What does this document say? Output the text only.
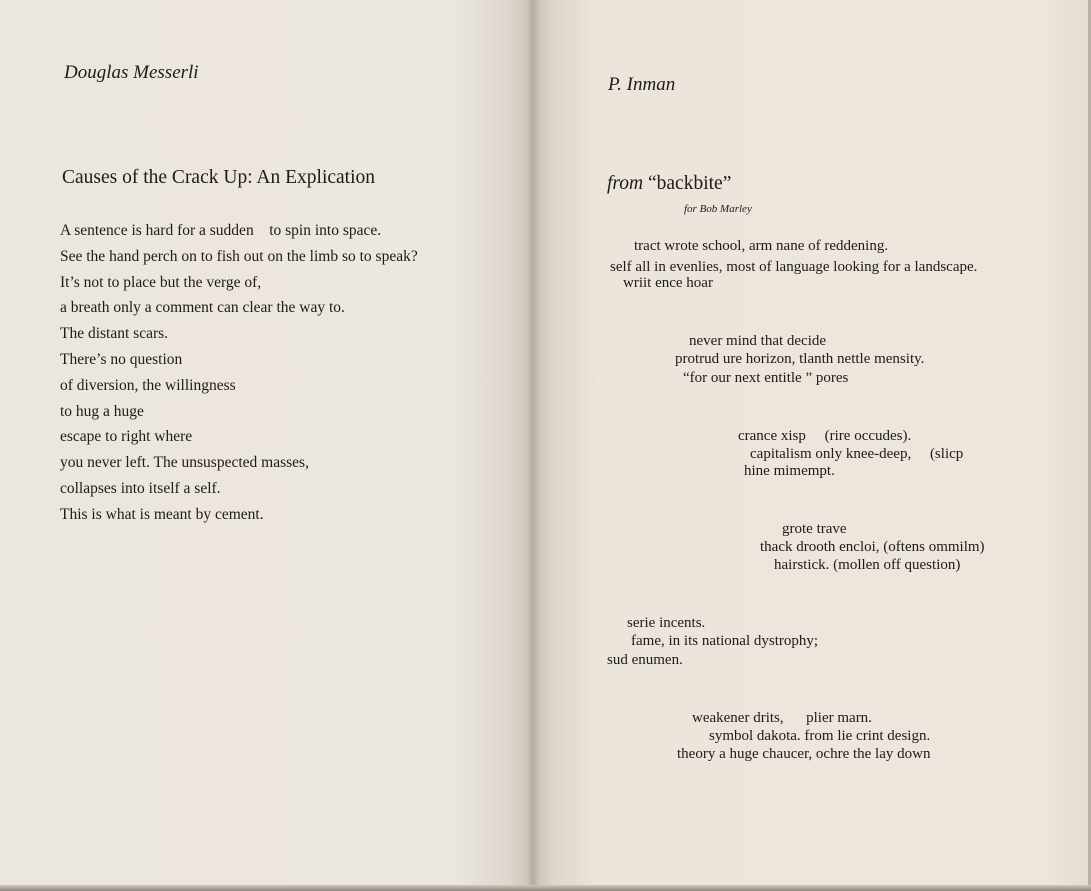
Douglas Messerli

Causes of the Crack Up: An Explication
A sentence is hard for a sudden    to spin into space.
See the hand perch on to fish out on the limb so to speak?
It’s not to place but the verge of,
a breath only a comment can clear the way to.
The distant scars.
There’s no question
of diversion, the willingness
to hug a huge
escape to right where
you never left. The unsuspected masses,
collapses into itself a self.
This is what is meant by cement.

P. Inman

from “backbite”
for Bob Marley
tract wrote school, arm nane of reddening.
self all in evenlies, most of language looking for a landscape.
wriit ence hoar
never mind that decide
protrud ure horizon, tlanth nettle mensity.
“for our next entitle ” pores
crance xisp     (rire occudes).
capitalism only knee-deep,     (slicp
hine mimempt.
grote trave
thack drooth encloi, (oftens ommilm)
hairstick. (mollen off question)
serie incents.
fame, in its national dystrophy;
sud enumen.
weakener drits,      plier marn.
symbol dakota. from lie crint design.
theory a huge chaucer, ochre the lay down
